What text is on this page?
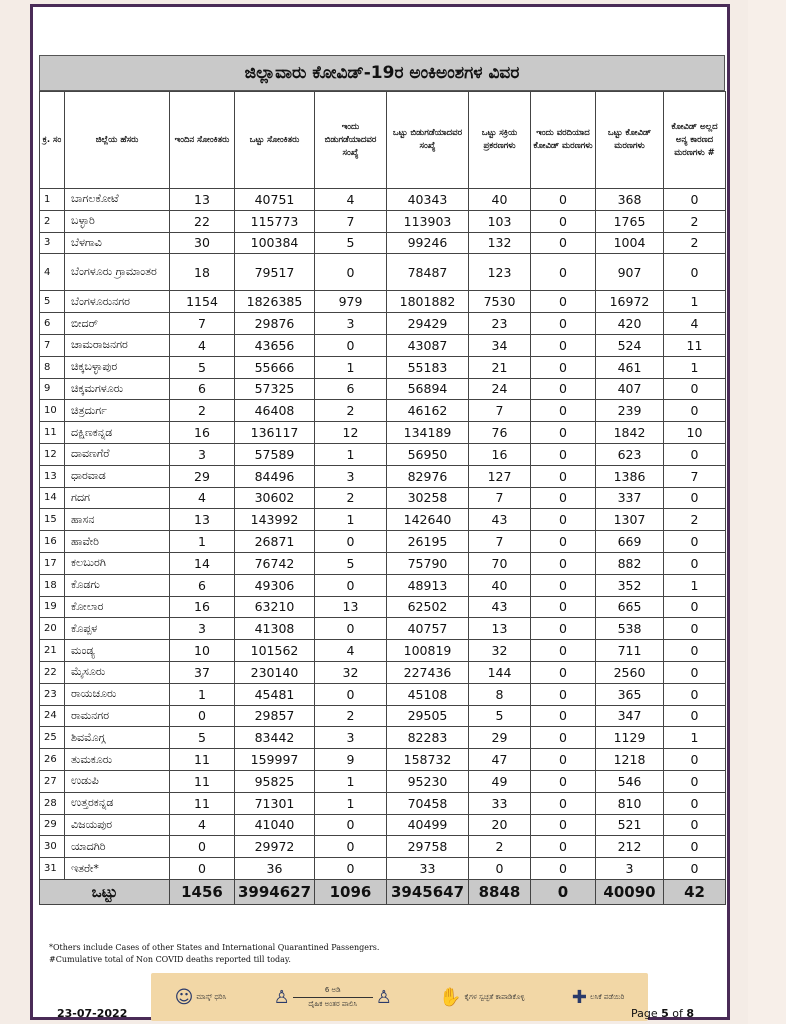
ಜಿಲ್ಲಾವಾರು ಕೋವಿಡ್-19ರ ಅಂಕಿಅಂಶಗಳ ವಿವರ
ಕ್ರ. ಸಂ	ಜಿಲ್ಲೆಯ ಹೆಸರು	ಇಂದಿನ ಸೋಂಕಿತರು	ಒಟ್ಟು ಸೋಂಕಿತರು	ಇಂದು ಬಿಡುಗಡೆಯಾದವರ ಸಂಖ್ಯೆ	ಒಟ್ಟು ಬಿಡುಗಡೆಯಾದವರ ಸಂಖ್ಯೆ	ಒಟ್ಟು ಸಕ್ರಿಯ ಪ್ರಕರಣಗಳು	ಇಂದು ವರದಿಯಾದ ಕೋವಿಡ್ ಮರಣಗಳು	ಒಟ್ಟು ಕೋವಿಡ್ ಮರಣಗಳು	ಕೋವಿಡ್ ಅಲ್ಲದ ಅನ್ಯ ಕಾರಣದ ಮರಣಗಳು #
1	ಬಾಗಲಕೋಟೆ	13	40751	4	40343	40	0	368	0
2	ಬಳ್ಳಾರಿ	22	115773	7	113903	103	0	1765	2
3	ಬೆಳಗಾವಿ	30	100384	5	99246	132	0	1004	2
4	ಬೆಂಗಳೂರು ಗ್ರಾಮಾಂತರ	18	79517	0	78487	123	0	907	0
5	ಬೆಂಗಳೂರುನಗರ	1154	1826385	979	1801882	7530	0	16972	1
6	ಬೀದರ್	7	29876	3	29429	23	0	420	4
7	ಚಾಮರಾಜನಗರ	4	43656	0	43087	34	0	524	11
8	ಚಿಕ್ಕಬಳ್ಳಾಪುರ	5	55666	1	55183	21	0	461	1
9	ಚಿಕ್ಕಮಗಳೂರು	6	57325	6	56894	24	0	407	0
10	ಚಿತ್ರದುರ್ಗ	2	46408	2	46162	7	0	239	0
11	ದಕ್ಷಿಣಕನ್ನಡ	16	136117	12	134189	76	0	1842	10
12	ದಾವಣಗೆರೆ	3	57589	1	56950	16	0	623	0
13	ಧಾರವಾಡ	29	84496	3	82976	127	0	1386	7
14	ಗದಗ	4	30602	2	30258	7	0	337	0
15	ಹಾಸನ	13	143992	1	142640	43	0	1307	2
16	ಹಾವೇರಿ	1	26871	0	26195	7	0	669	0
17	ಕಲಬುರಗಿ	14	76742	5	75790	70	0	882	0
18	ಕೊಡಗು	6	49306	0	48913	40	0	352	1
19	ಕೋಲಾರ	16	63210	13	62502	43	0	665	0
20	ಕೊಪ್ಪಳ	3	41308	0	40757	13	0	538	0
21	ಮಂಡ್ಯ	10	101562	4	100819	32	0	711	0
22	ಮೈಸೂರು	37	230140	32	227436	144	0	2560	0
23	ರಾಯಚೂರು	1	45481	0	45108	8	0	365	0
24	ರಾಮನಗರ	0	29857	2	29505	5	0	347	0
25	ಶಿವಮೊಗ್ಗ	5	83442	3	82283	29	0	1129	1
26	ತುಮಕೂರು	11	159997	9	158732	47	0	1218	0
27	ಉಡುಪಿ	11	95825	1	95230	49	0	546	0
28	ಉತ್ತರಕನ್ನಡ	11	71301	1	70458	33	0	810	0
29	ವಿಜಯಪುರ	4	41040	0	40499	20	0	521	0
30	ಯಾದಗಿರಿ	0	29972	0	29758	2	0	212	0
31	ಇತರೇ*	0	36	0	33	0	0	3	0
ಒಟ್ಟು		1456	3994627	1096	3945647	8848	0	40090	42
*Others include Cases of other States and International Quarantined Passengers.
#Cumulative total of Non COVID deaths reported till today.
☺ ಮಾಸ್ಕ್ ಧರಿಸಿ	♙	6 ಅಡಿ
ದೈಹಿಕ ಅಂತರ ಪಾಲಿಸಿ ♙	✋ ಕೈಗಳ ಸ್ವಚ್ಛತೆ ಕಾಪಾಡಿಕೊಳ್ಳಿ	✚ ಲಸಿಕೆ ಪಡೆಯಿರಿ
23-07-2022	Page 5 of 8
